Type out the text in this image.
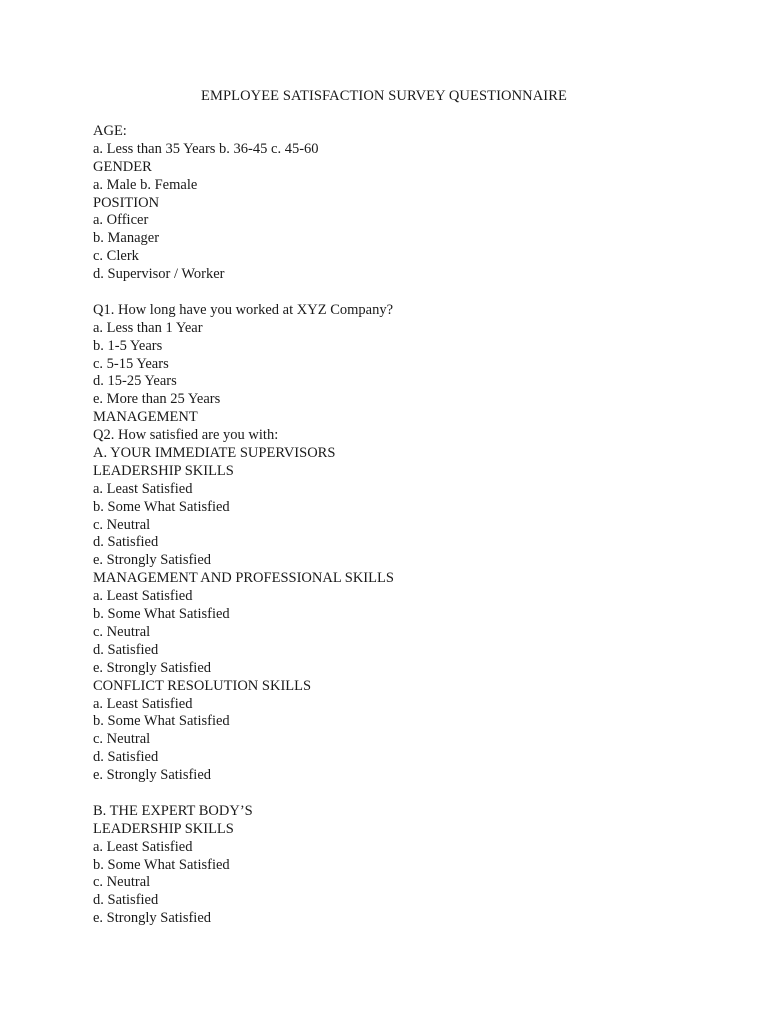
EMPLOYEE SATISFACTION SURVEY QUESTIONNAIRE
AGE:
a. Less than 35 Years b. 36-45 c. 45-60
GENDER
a. Male b. Female
POSITION
a. Officer
b. Manager
c. Clerk
d. Supervisor / Worker
Q1. How long have you worked at XYZ Company?
a. Less than 1 Year
b. 1-5 Years
c. 5-15 Years
d. 15-25 Years
e. More than 25 Years
MANAGEMENT
Q2. How satisfied are you with:
A. YOUR IMMEDIATE SUPERVISORS
LEADERSHIP SKILLS
a. Least Satisfied
b. Some What Satisfied
c. Neutral
d. Satisfied
e. Strongly Satisfied
MANAGEMENT AND PROFESSIONAL SKILLS
a. Least Satisfied
b. Some What Satisfied
c. Neutral
d. Satisfied
e. Strongly Satisfied
CONFLICT RESOLUTION SKILLS
a. Least Satisfied
b. Some What Satisfied
c. Neutral
d. Satisfied
e. Strongly Satisfied
B. THE EXPERT BODY’S
LEADERSHIP SKILLS
a. Least Satisfied
b. Some What Satisfied
c. Neutral
d. Satisfied
e. Strongly Satisfied
